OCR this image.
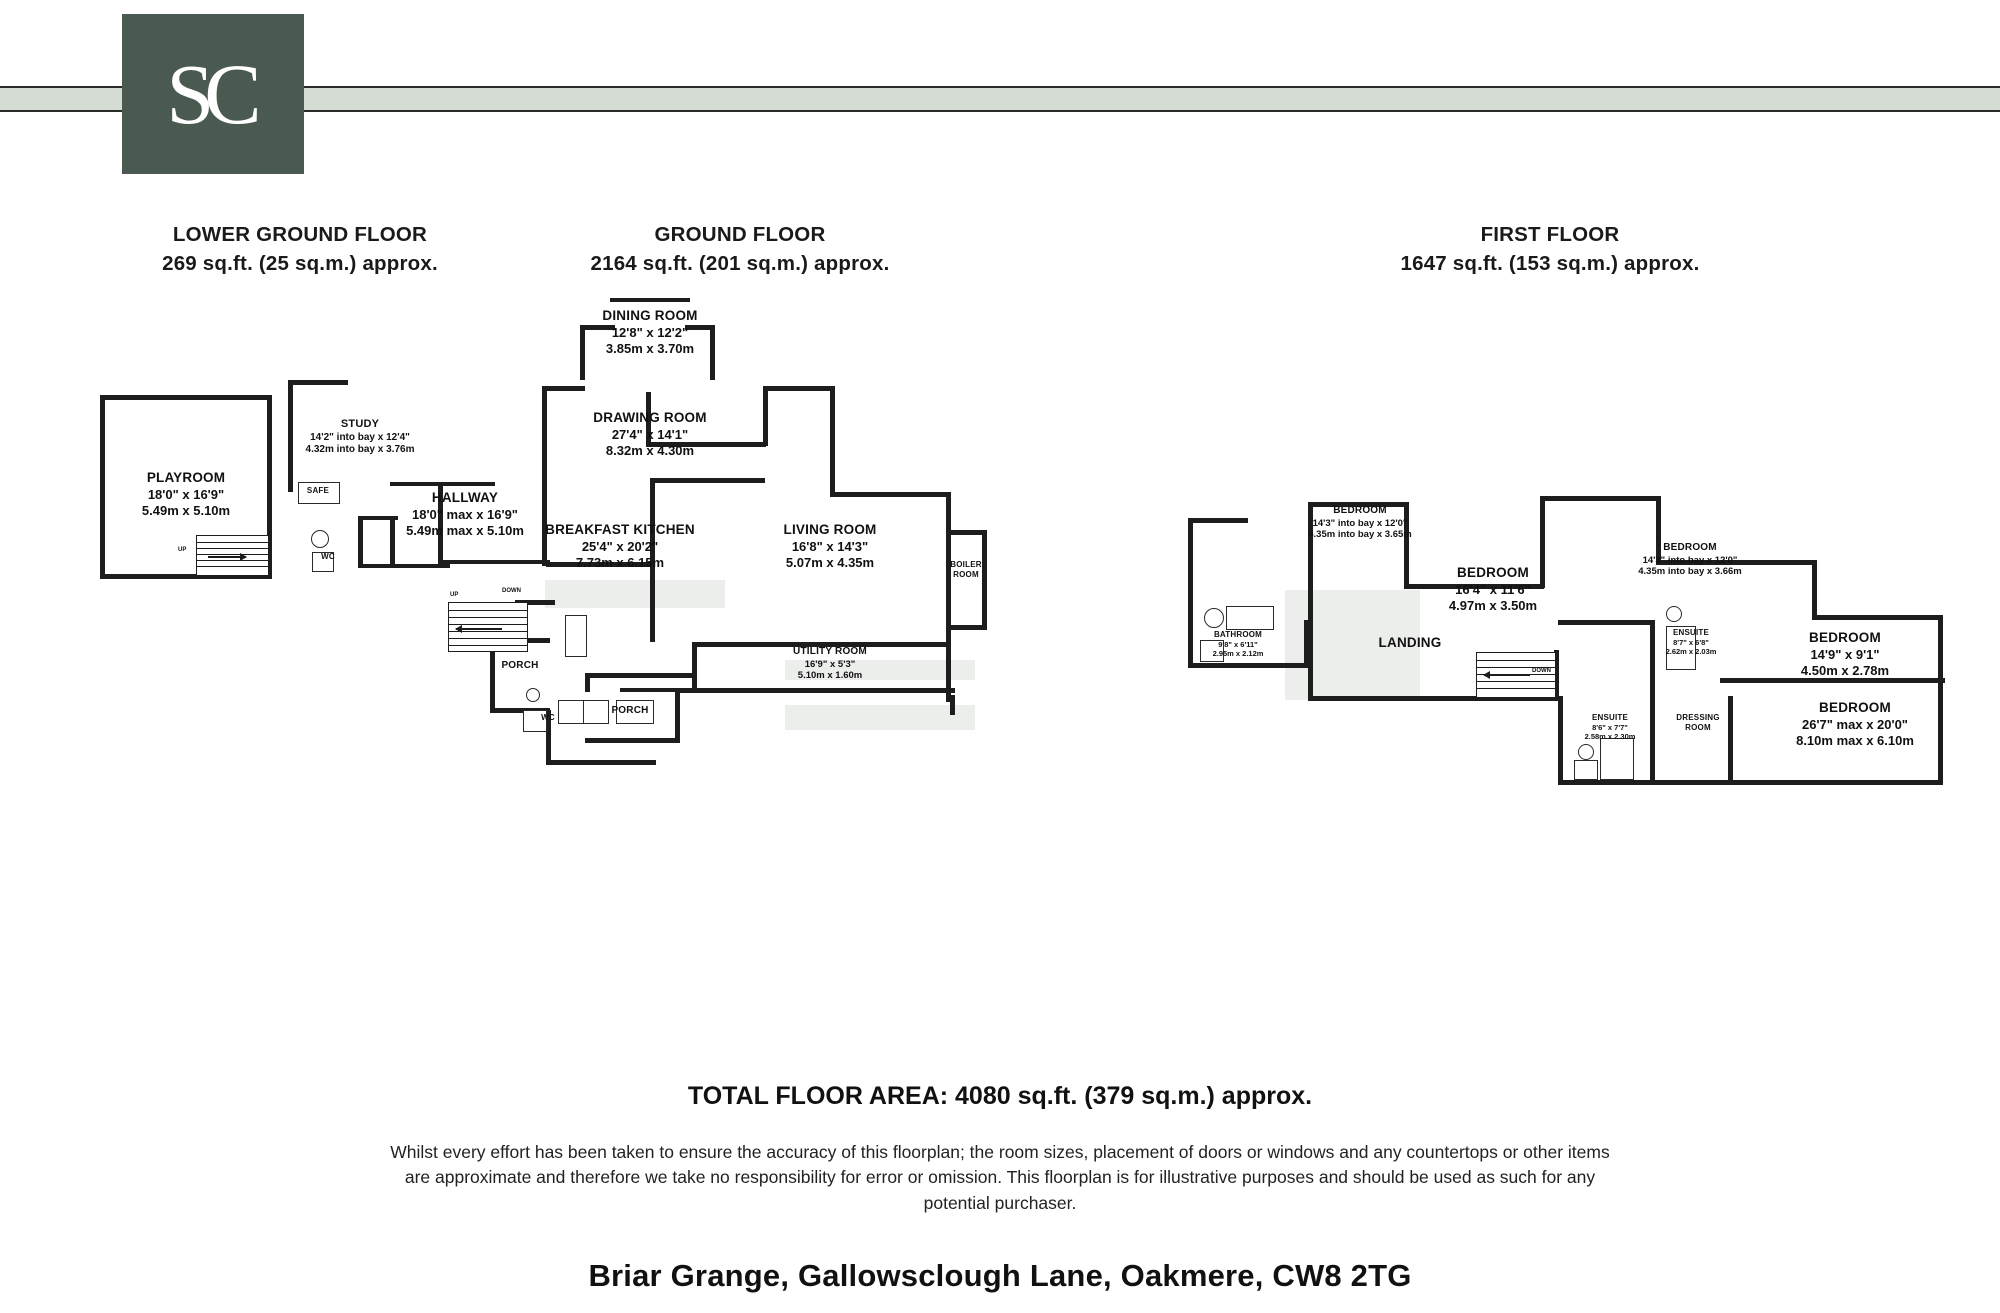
SC
LOWER GROUND FLOOR
269 sq.ft. (25 sq.m.) approx.
GROUND FLOOR
2164 sq.ft. (201 sq.m.) approx.
FIRST FLOOR
1647 sq.ft. (153 sq.m.) approx.
PLAYROOM
18'0" x 16'9"
5.49m x 5.10m
UP
UP
DOWN
DINING ROOM
12'8" x 12'2"
3.85m x 3.70m
STUDY
14'2" into bay x 12'4"
4.32m into bay x 3.76m
HALLWAY
18'0" max x 16'9"
5.49m max x 5.10m
DRAWING ROOM
27'4" x 14'1"
8.32m x 4.30m
BREAKFAST KITCHEN
25'4" x 20'2"
7.73m x 6.15m
LIVING ROOM
16'8" x 14'3"
5.07m x 4.35m
UTILITY ROOM
16'9" x 5'3"
5.10m x 1.60m
BOILER
ROOM
PORCH
PORCH
WC
WC
SAFE
DOWN
BEDROOM
14'3" into bay x 12'0"
4.35m into bay x 3.65m
BEDROOM
16'4" x 11'6"
4.97m x 3.50m
BEDROOM
14'3" into bay x 12'0"
4.35m into bay x 3.66m
BEDROOM
14'9" x 9'1"
4.50m x 2.78m
BEDROOM
26'7" max x 20'0"
8.10m max x 6.10m
LANDING
BATHROOM
9'8" x 6'11"
2.95m x 2.12m
ENSUITE
8'7" x 6'8"
2.62m x 2.03m
ENSUITE
8'6" x 7'7"
2.58m x 2.30m
DRESSING
ROOM
TOTAL FLOOR AREA: 4080 sq.ft. (379 sq.m.) approx.
Whilst every effort has been taken to ensure the accuracy of this floorplan; the room sizes, placement of doors or windows and any countertops or other items are approximate and therefore we take no responsibility for error or omission. This floorplan is for illustrative purposes and should be used as such for any potential purchaser.
Briar Grange, Gallowsclough Lane, Oakmere, CW8 2TG
